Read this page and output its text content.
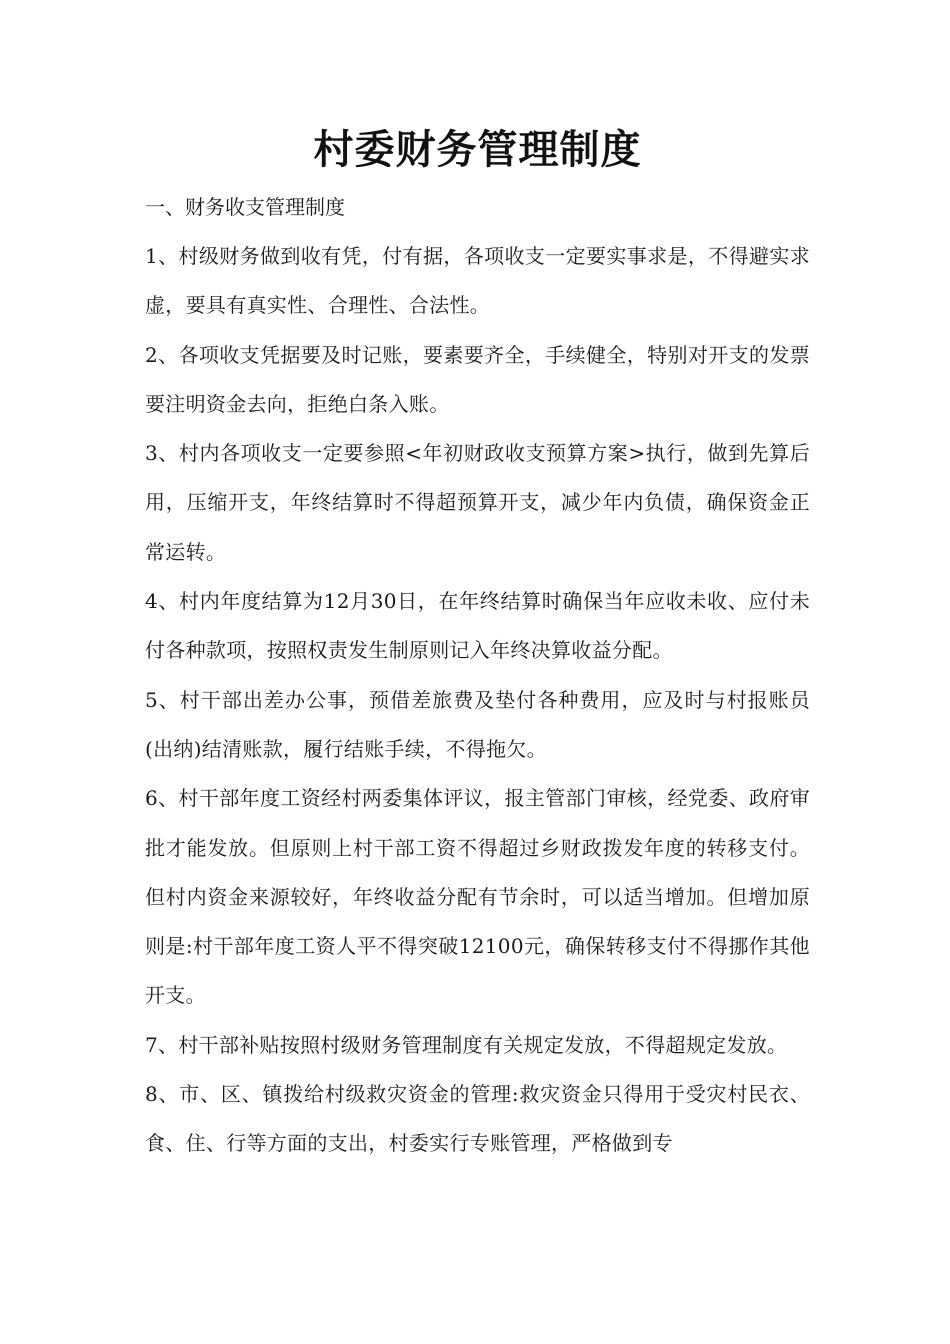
村委财务管理制度

一、财务收支管理制度

1、村级财务做到收有凭，付有据，各项收支一定要实事求是，不得避实求虚，要具有真实性、合理性、合法性。

2、各项收支凭据要及时记账，要素要齐全，手续健全，特别对开支的发票要注明资金去向，拒绝白条入账。

3、村内各项收支一定要参照<年初财政收支预算方案>执行，做到先算后用，压缩开支，年终结算时不得超预算开支，减少年内负债，确保资金正常运转。

4、村内年度结算为12月30日，在年终结算时确保当年应收未收、应付未付各种款项，按照权责发生制原则记入年终决算收益分配。

5、村干部出差办公事，预借差旅费及垫付各种费用，应及时与村报账员(出纳)结清账款，履行结账手续，不得拖欠。

6、村干部年度工资经村两委集体评议，报主管部门审核，经党委、政府审批才能发放。但原则上村干部工资不得超过乡财政拨发年度的转移支付。但村内资金来源较好，年终收益分配有节余时，可以适当增加。但增加原则是:村干部年度工资人平不得突破12100元，确保转移支付不得挪作其他开支。

7、村干部补贴按照村级财务管理制度有关规定发放，不得超规定发放。

8、市、区、镇拨给村级救灾资金的管理:救灾资金只得用于受灾村民衣、食、住、行等方面的支出，村委实行专账管理，严格做到专
